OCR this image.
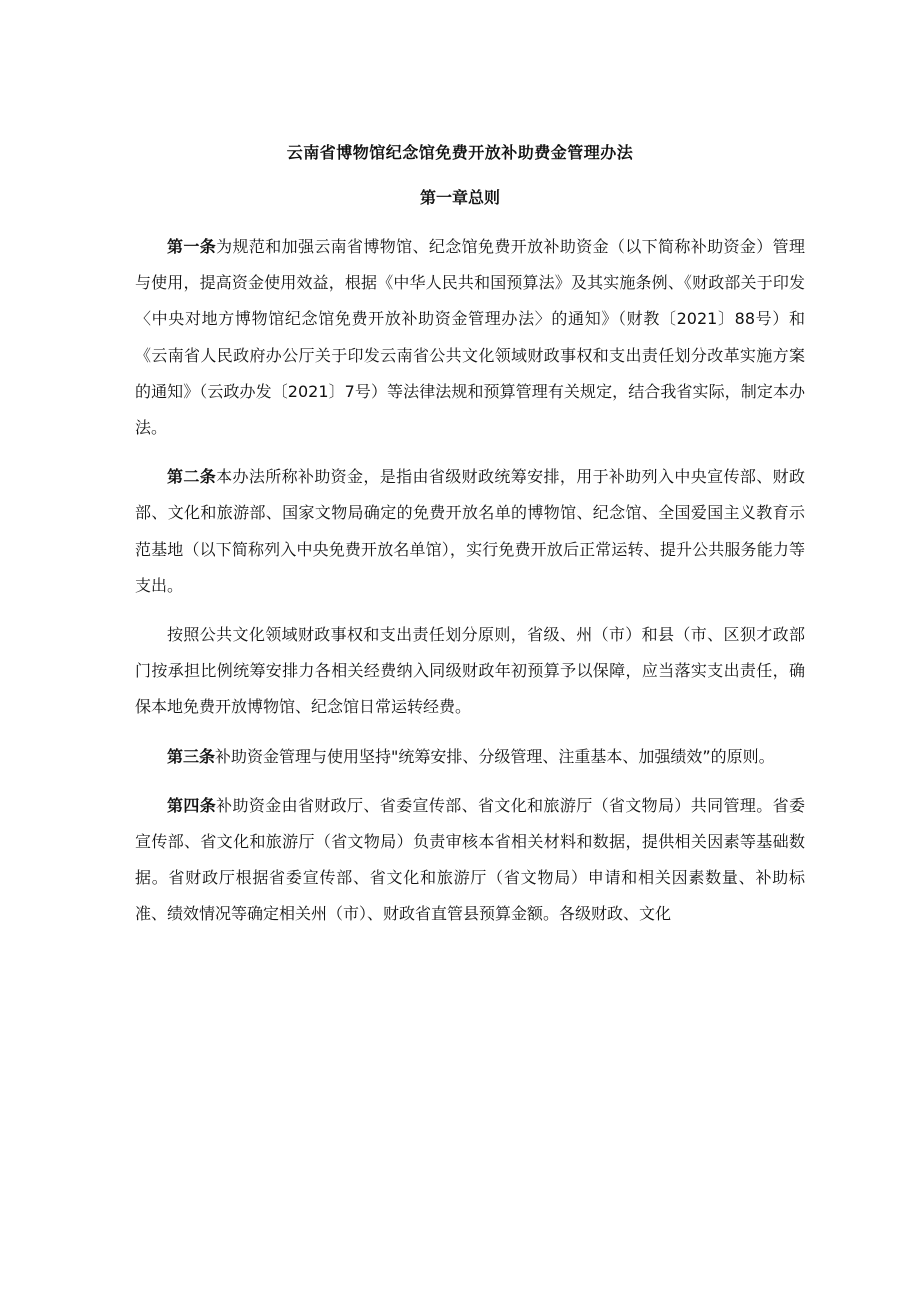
云南省博物馆纪念馆免费开放补助费金管理办法
第一章总则

第一条为规范和加强云南省博物馆、纪念馆免费开放补助资金（以下简称补助资金）管理与使用，提高资金使用效益，根据《中华人民共和国预算法》及其实施条例、《财政部关于印发〈中央对地方博物馆纪念馆免费开放补助资金管理办法〉的通知》（财教〔2021〕88号）和《云南省人民政府办公厅关于印发云南省公共文化领域财政事权和支出责任划分改革实施方案的通知》（云政办发〔2021〕7号）等法律法规和预算管理有关规定，结合我省实际，制定本办法。

第二条本办法所称补助资金，是指由省级财政统筹安排，用于补助列入中央宣传部、财政部、文化和旅游部、国家文物局确定的免费开放名单的博物馆、纪念馆、全国爱国主义教育示范基地（以下简称列入中央免费开放名单馆），实行免费开放后正常运转、提升公共服务能力等支出。

按照公共文化领域财政事权和支出责任划分原则，省级、州（市）和县（市、区狈才政部门按承担比例统筹安排力各相关经费纳入同级财政年初预算予以保障，应当落实支出责任，确保本地免费开放博物馆、纪念馆日常运转经费。

第三条补助资金管理与使用坚持"统筹安排、分级管理、注重基本、加强绩效”的原则。

第四条补助资金由省财政厅、省委宣传部、省文化和旅游厅（省文物局）共同管理。省委宣传部、省文化和旅游厅（省文物局）负责审核本省相关材料和数据，提供相关因素等基础数据。省财政厅根据省委宣传部、省文化和旅游厅（省文物局）申请和相关因素数量、补助标准、绩效情况等确定相关州（市）、财政省直管县预算金额。各级财政、文化
